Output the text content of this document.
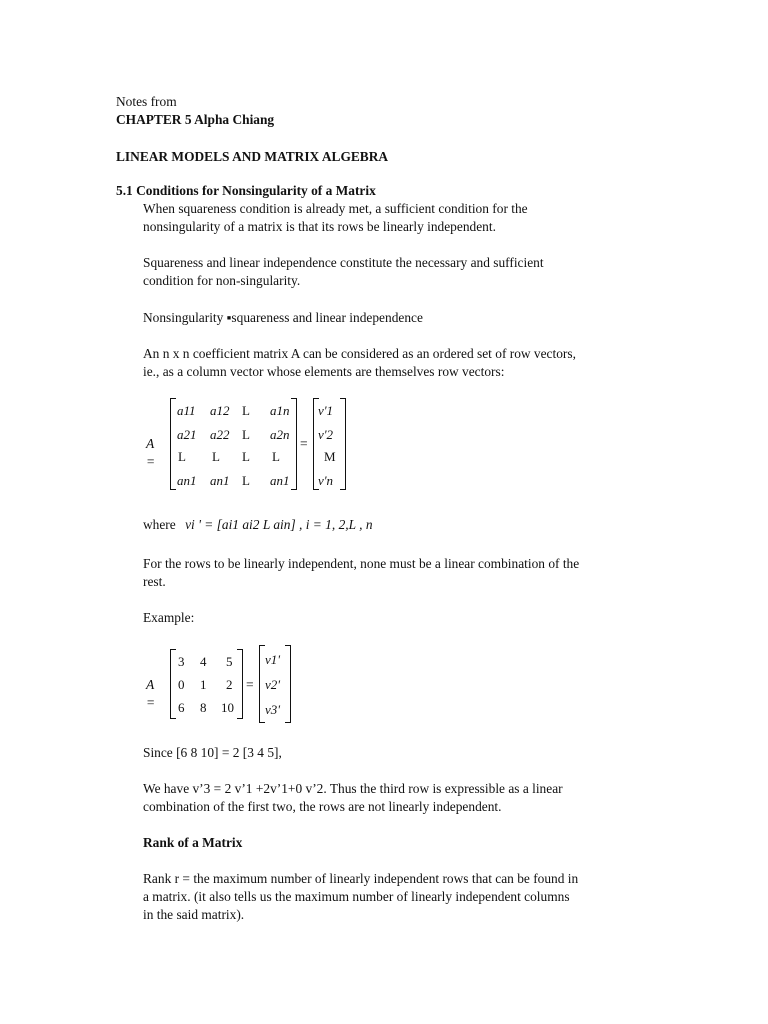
Notes from
CHAPTER 5 Alpha Chiang
LINEAR MODELS AND MATRIX ALGEBRA
5.1 Conditions for Nonsingularity of a Matrix
When squareness condition is already met, a sufficient condition for the
nonsingularity of a matrix is that its rows be linearly independent.
Squareness and linear independence constitute the necessary and sufficient
condition for non-singularity.
Nonsingularity ▪squareness and linear independence
An n x n coefficient matrix A can be considered as an ordered set of row vectors,
ie., as a column vector whose elements are themselves row vectors:
A =
a11 a12 L a1n
a21 a22 L a2n
L L L L
an1 an1 L an1
=
v'1
v'2
M
v'n
where vi ' = [ai1 ai2 L ain] , i = 1, 2,L , n
For the rows to be linearly independent, none must be a linear combination of the
rest.
Example:
A =
3 4 5
0 1 2
6 8 10
=
v1'
v2'
v3'
Since [6 8 10] = 2 [3 4 5],
We have v’3 = 2 v’1 +2v’1+0 v’2. Thus the third row is expressible as a linear
combination of the first two, the rows are not linearly independent.
Rank of a Matrix
Rank r = the maximum number of linearly independent rows that can be found in
a matrix. (it also tells us the maximum number of linearly independent columns
in the said matrix).
